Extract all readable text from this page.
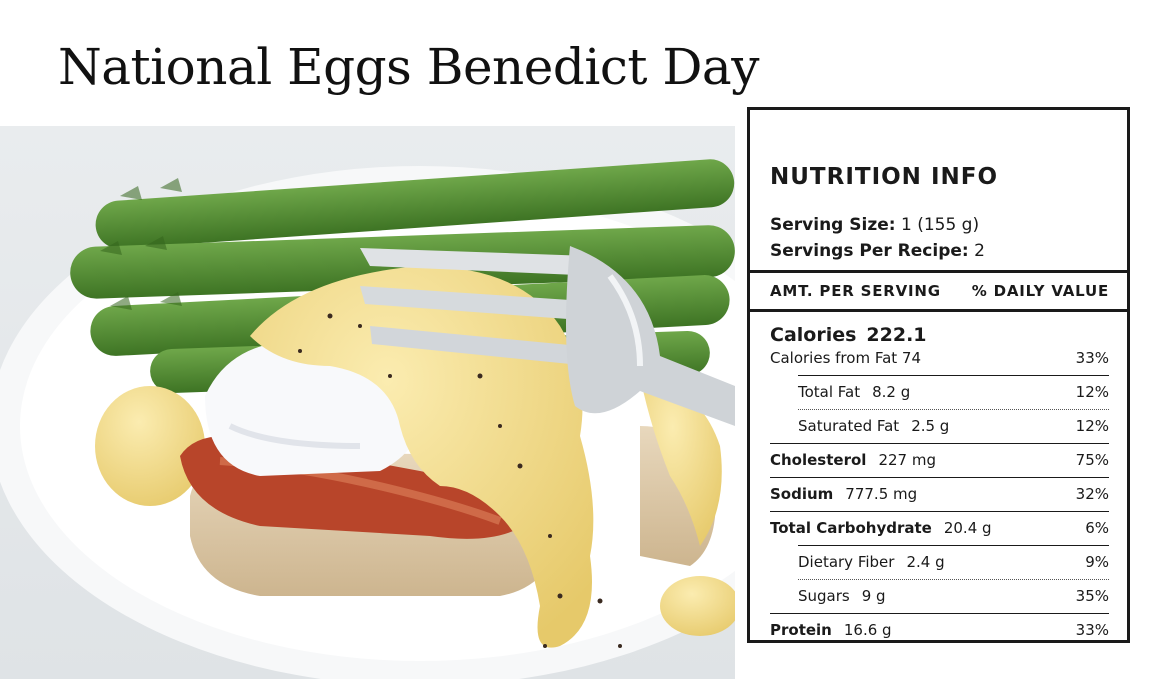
National Eggs Benedict Day
NUTRITION INFO
Serving Size: 1 (155 g)
Servings Per Recipe: 2
AMT. PER SERVING % DAILY VALUE
Calories 222.1
Calories from Fat 74	33%
Total Fat 8.2 g	12%
Saturated Fat 2.5 g	12%
Cholesterol 227 mg	75%
Sodium 777.5 mg	32%
Total Carbohydrate 20.4 g	6%
Dietary Fiber 2.4 g	9%
Sugars 9 g	35%
Protein 16.6 g	33%
